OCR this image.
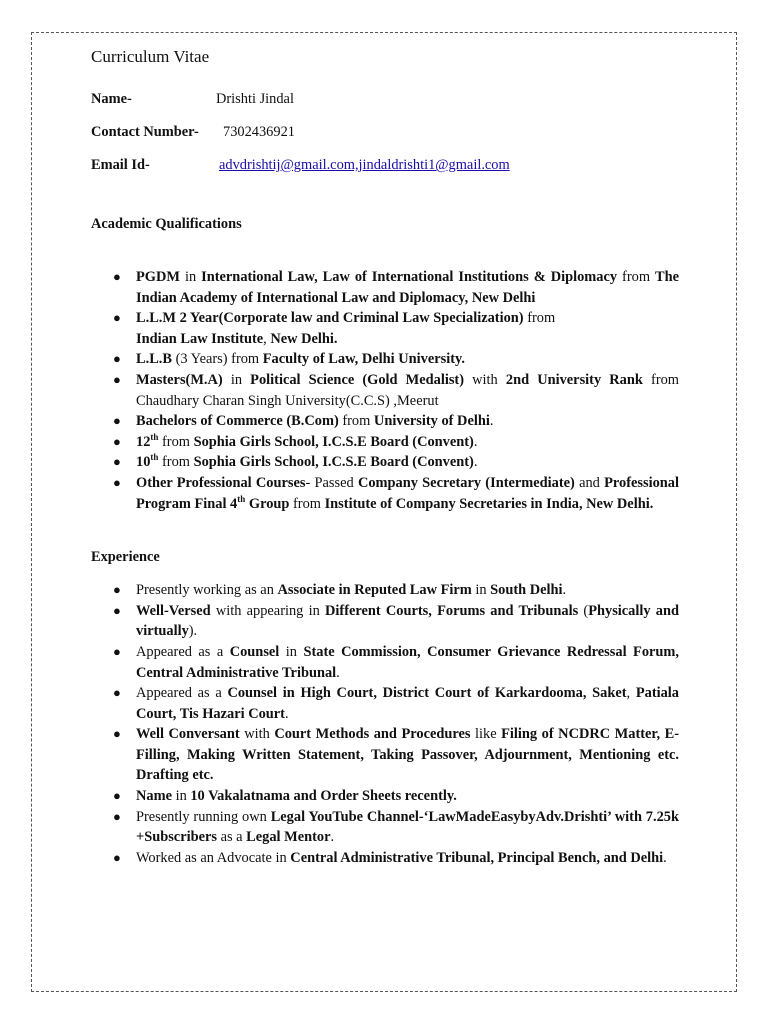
Curriculum Vitae
Name-	Drishti Jindal
Contact Number- 7302436921
Email Id-	advdrishtij@gmail.com,jindaldrishti1@gmail.com
Academic Qualifications
● PGDM in International Law, Law of International Institutions & Diplomacy from The Indian Academy of International Law and Diplomacy, New Delhi
● L.L.M 2 Year(Corporate law and Criminal Law Specialization) from
Indian Law Institute, New Delhi.
● L.L.B (3 Years) from Faculty of Law, Delhi University.
● Masters(M.A) in Political Science (Gold Medalist) with 2nd University Rank from Chaudhary Charan Singh University(C.C.S) ,Meerut
● Bachelors of Commerce (B.Com) from University of Delhi.
● 12th from Sophia Girls School, I.C.S.E Board (Convent).
● 10th from Sophia Girls School, I.C.S.E Board (Convent).
● Other Professional Courses- Passed Company Secretary (Intermediate) and Professional Program Final 4th Group from Institute of Company Secretaries in India, New Delhi.
Experience
● Presently working as an Associate in Reputed Law Firm in South Delhi.
● Well-Versed with appearing in Different Courts, Forums and Tribunals (Physically and virtually).
● Appeared as a Counsel in State Commission, Consumer Grievance Redressal Forum, Central Administrative Tribunal.
● Appeared as a Counsel in High Court, District Court of Karkardooma, Saket, Patiala Court, Tis Hazari Court.
● Well Conversant with Court Methods and Procedures like Filing of NCDRC Matter, E-Filling, Making Written Statement, Taking Passover, Adjournment, Mentioning etc. Drafting etc.
● Name in 10 Vakalatnama and Order Sheets recently.
● Presently running own Legal YouTube Channel-‘LawMadeEasybyAdv.Drishti’ with 7.25k +Subscribers as a Legal Mentor.
● Worked as an Advocate in Central Administrative Tribunal, Principal Bench, and Delhi.
